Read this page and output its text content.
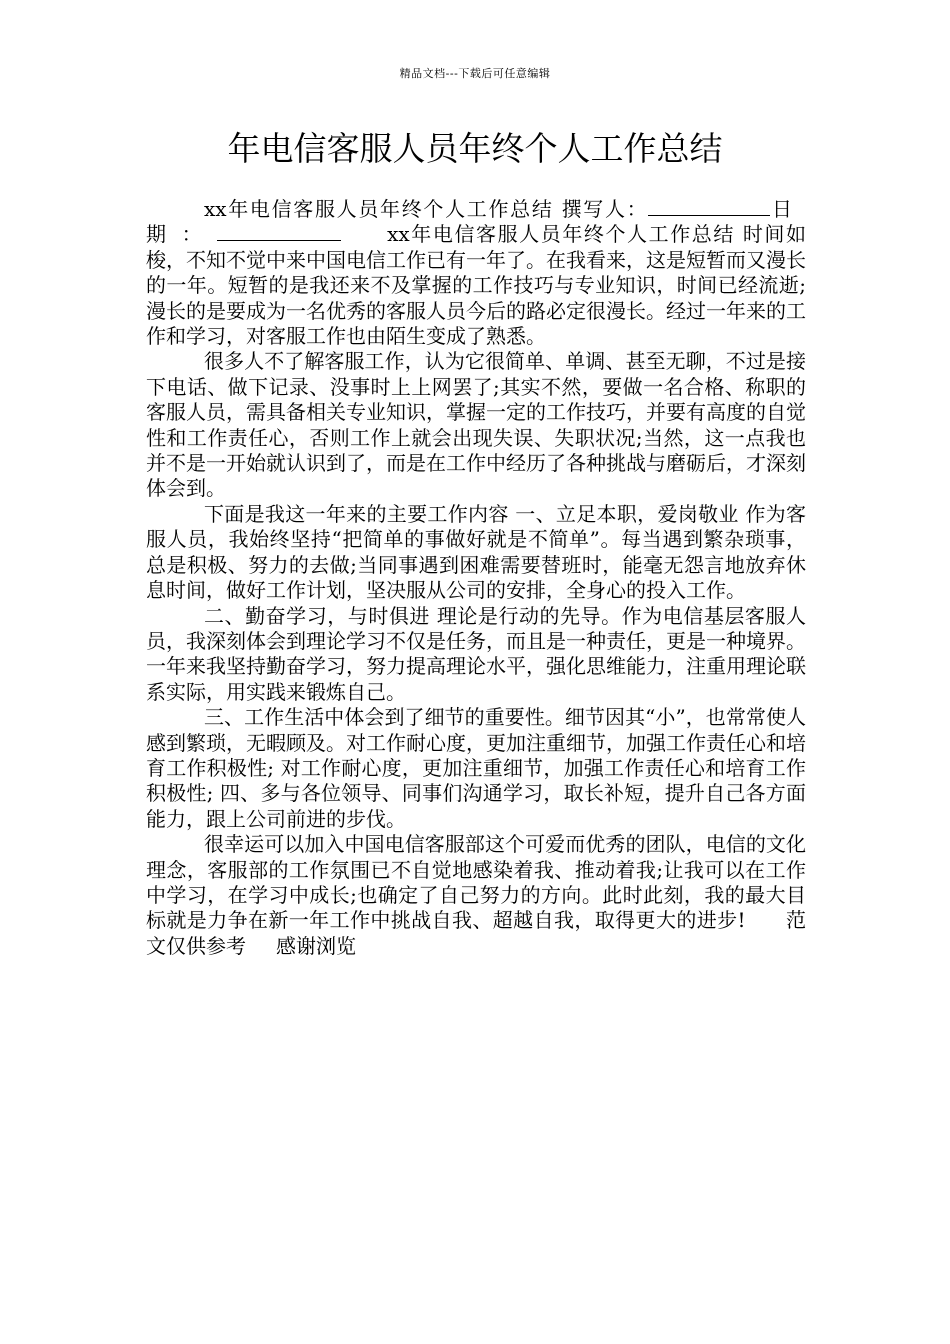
精品文档---下载后可任意编辑
年电信客服人员年终个人工作总结

xx年电信客服人员年终个人工作总结 撰写人：	日期：	xx年电信客服人员年终个人工作总结 时间如梭，不知不觉中来中国电信工作已有一年了。在我看来，这是短暂而又漫长的一年。短暂的是我还来不及掌握的工作技巧与专业知识，时间已经流逝;漫长的是要成为一名优秀的客服人员今后的路必定很漫长。经过一年来的工作和学习，对客服工作也由陌生变成了熟悉。

很多人不了解客服工作，认为它很简单、单调、甚至无聊，不过是接下电话、做下记录、没事时上上网罢了;其实不然，要做一名合格、称职的客服人员，需具备相关专业知识，掌握一定的工作技巧，并要有高度的自觉性和工作责任心，否则工作上就会出现失误、失职状况;当然，这一点我也并不是一开始就认识到了，而是在工作中经历了各种挑战与磨砺后，才深刻体会到。

下面是我这一年来的主要工作内容 一、立足本职，爱岗敬业 作为客服人员，我始终坚持“把简单的事做好就是不简单”。每当遇到繁杂琐事，总是积极、努力的去做;当同事遇到困难需要替班时，能毫无怨言地放弃休息时间，做好工作计划，坚决服从公司的安排，全身心的投入工作。

二、勤奋学习，与时俱进 理论是行动的先导。作为电信基层客服人员，我深刻体会到理论学习不仅是任务，而且是一种责任，更是一种境界。一年来我坚持勤奋学习，努力提高理论水平，强化思维能力，注重用理论联系实际，用实践来锻炼自己。

三、工作生活中体会到了细节的重要性。细节因其“小”，也常常使人感到繁琐，无暇顾及。对工作耐心度，更加注重细节，加强工作责任心和培育工作积极性; 对工作耐心度，更加注重细节，加强工作责任心和培育工作积极性; 四、多与各位领导、同事们沟通学习，取长补短，提升自己各方面能力，跟上公司前进的步伐。

很幸运可以加入中国电信客服部这个可爱而优秀的团队，电信的文化理念，客服部的工作氛围已不自觉地感染着我、推动着我;让我可以在工作中学习，在学习中成长;也确定了自己努力的方向。此时此刻，我的最大目标就是力争在新一年工作中挑战自我、超越自我，取得更大的进步! 范文仅供参考 感谢浏览
